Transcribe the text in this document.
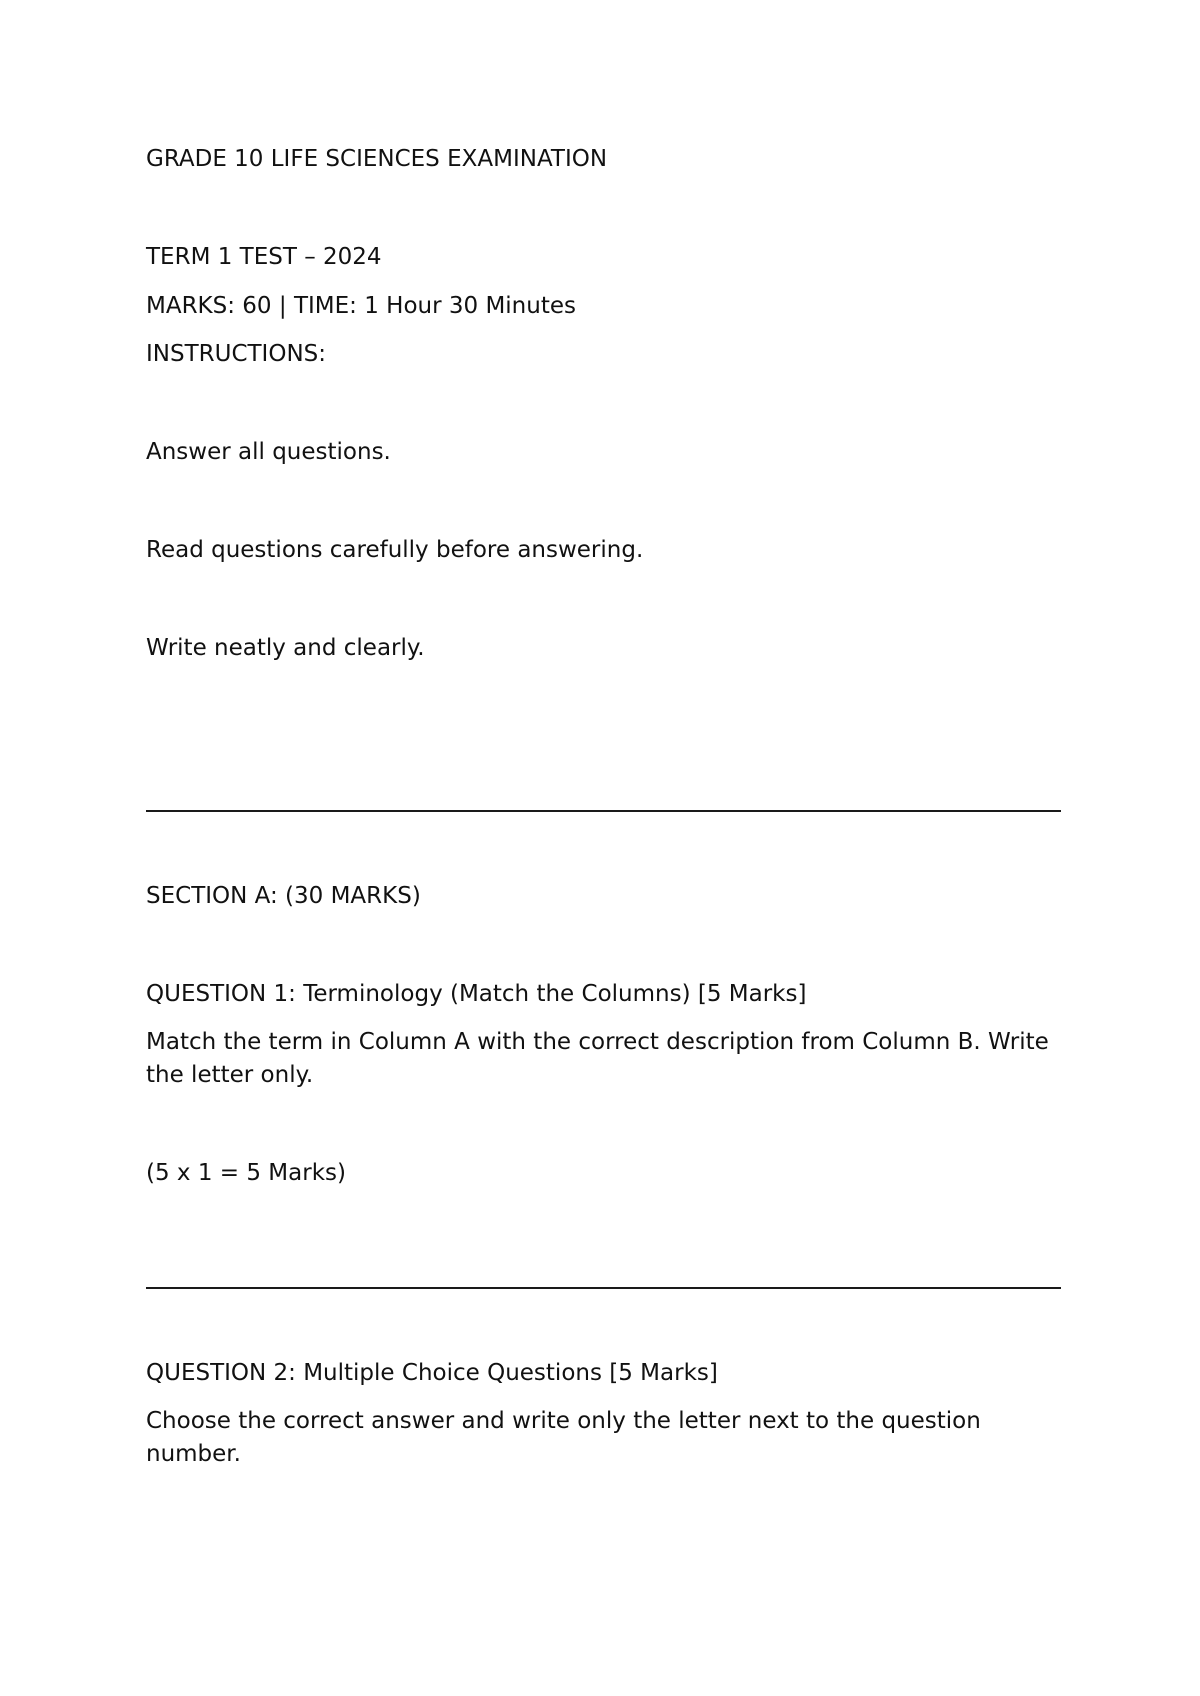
GRADE 10 LIFE SCIENCES EXAMINATION

TERM 1 TEST – 2024

MARKS: 60 | TIME: 1 Hour 30 Minutes

INSTRUCTIONS:

Answer all questions.

Read questions carefully before answering.

Write neatly and clearly.

SECTION A: (30 MARKS)

QUESTION 1: Terminology (Match the Columns) [5 Marks]

Match the term in Column A with the correct description from Column B. Write the letter only.

(5 x 1 = 5 Marks)

QUESTION 2: Multiple Choice Questions [5 Marks]

Choose the correct answer and write only the letter next to the question number.
